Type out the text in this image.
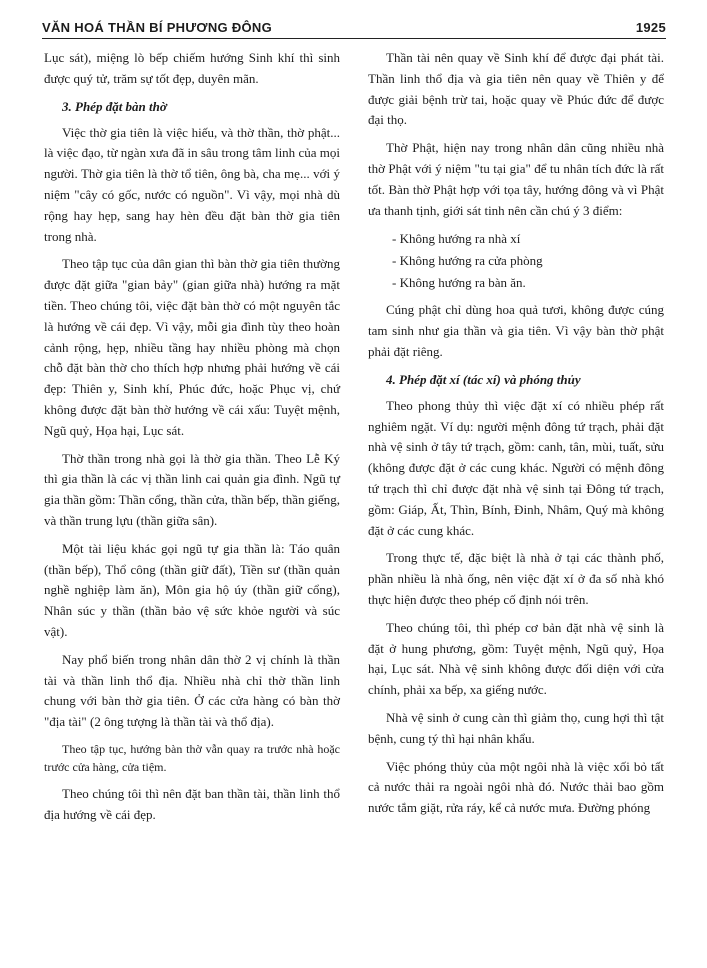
VĂN HOÁ THẦN BÍ PHƯƠNG ĐÔNG	1925

Lục sát), miệng lò bếp chiếm hướng Sinh khí thì sinh được quý tử, trăm sự tốt đẹp, duyên mãn.

3. Phép đặt bàn thờ

Việc thờ gia tiên là việc hiếu, và thờ thần, thờ phật... là việc đạo, từ ngàn xưa đã in sâu trong tâm linh của mọi người. Thờ gia tiên là thờ tổ tiên, ông bà, cha mẹ... với ý niệm "cây có gốc, nước có nguồn". Vì vậy, mọi nhà dù rộng hay hẹp, sang hay hèn đều đặt bàn thờ gia tiên trong nhà.

Theo tập tục của dân gian thì bàn thờ gia tiên thường được đặt giữa "gian bảy" (gian giữa nhà) hướng ra mặt tiền. Theo chúng tôi, việc đặt bàn thờ có một nguyên tắc là hướng về cái đẹp. Vì vậy, mỗi gia đình tùy theo hoàn cảnh rộng, hẹp, nhiều tầng hay nhiều phòng mà chọn chỗ đặt bàn thờ cho thích hợp nhưng phải hướng về cái đẹp: Thiên y, Sinh khí, Phúc đức, hoặc Phục vị, chứ không được đặt bàn thờ hướng về cái xấu: Tuyệt mệnh, Ngũ quỷ, Họa hại, Lục sát.

Thờ thần trong nhà gọi là thờ gia thần. Theo Lễ Ký thì gia thần là các vị thần linh cai quản gia đình. Ngũ tự gia thần gồm: Thần cổng, thần cửa, thần bếp, thần giếng, và thần trung lựu (thần giữa sân).

Một tài liệu khác gọi ngũ tự gia thần là: Táo quân (thần bếp), Thổ công (thần giữ đất), Tiền sư (thần quản nghề nghiệp làm ăn), Môn gia hộ úy (thần giữ cổng), Nhân súc y thần (thần bảo vệ sức khỏe người và súc vật).

Nay phổ biến trong nhân dân thờ 2 vị chính là thần tài và thần linh thổ địa. Nhiều nhà chỉ thờ thần linh chung với bàn thờ gia tiên. Ở các cửa hàng có bàn thờ "địa tài" (2 ông tượng là thần tài và thổ địa).

Theo tập tục, hướng bàn thờ vẫn quay ra trước nhà hoặc trước cửa hàng, cửa tiệm.

Theo chúng tôi thì nên đặt ban thần tài, thần linh thổ địa hướng về cái đẹp.

Thần tài nên quay về Sinh khí để được đại phát tài. Thần linh thổ địa và gia tiên nên quay về Thiên y để được giải bệnh trừ tai, hoặc quay về Phúc đức để được đại thọ.

Thờ Phật, hiện nay trong nhân dân cũng nhiều nhà thờ Phật với ý niệm "tu tại gia" để tu nhân tích đức là rất tốt. Bàn thờ Phật hợp với tọa tây, hướng đông và vì Phật ưa thanh tịnh, giới sát tinh nên cần chú ý 3 điểm:

- Không hướng ra nhà xí
- Không hướng ra cửa phòng
- Không hướng ra bàn ăn.

Cúng phật chỉ dùng hoa quả tươi, không được cúng tam sinh như gia thần và gia tiên. Vì vậy bàn thờ phật phải đặt riêng.

4. Phép đặt xí (tác xí) và phóng thủy

Theo phong thủy thì việc đặt xí có nhiều phép rất nghiêm ngặt. Ví dụ: người mệnh đông tứ trạch, phải đặt nhà vệ sinh ở tây tứ trạch, gồm: canh, tân, mùi, tuất, sửu (không được đặt ở các cung khác. Người có mệnh đông tứ trạch thì chỉ được đặt nhà vệ sinh tại Đông tứ trạch, gồm: Giáp, Ất, Thìn, Bính, Đinh, Nhâm, Quý mà không đặt ở các cung khác.

Trong thực tế, đặc biệt là nhà ở tại các thành phố, phần nhiều là nhà ống, nên việc đặt xí ở đa số nhà khó thực hiện được theo phép cố định nói trên.

Theo chúng tôi, thì phép cơ bản đặt nhà vệ sinh là đặt ở hung phương, gồm: Tuyệt mệnh, Ngũ quỷ, Họa hại, Lục sát. Nhà vệ sinh không được đối diện với cửa chính, phải xa bếp, xa giếng nước.

Nhà vệ sinh ở cung càn thì giảm thọ, cung hợi thì tật bệnh, cung tý thì hại nhân khẩu.

Việc phóng thủy của một ngôi nhà là việc xối bỏ tất cả nước thải ra ngoài ngôi nhà đó. Nước thải bao gồm nước tắm giặt, rửa ráy, kể cả nước mưa. Đường phóng
